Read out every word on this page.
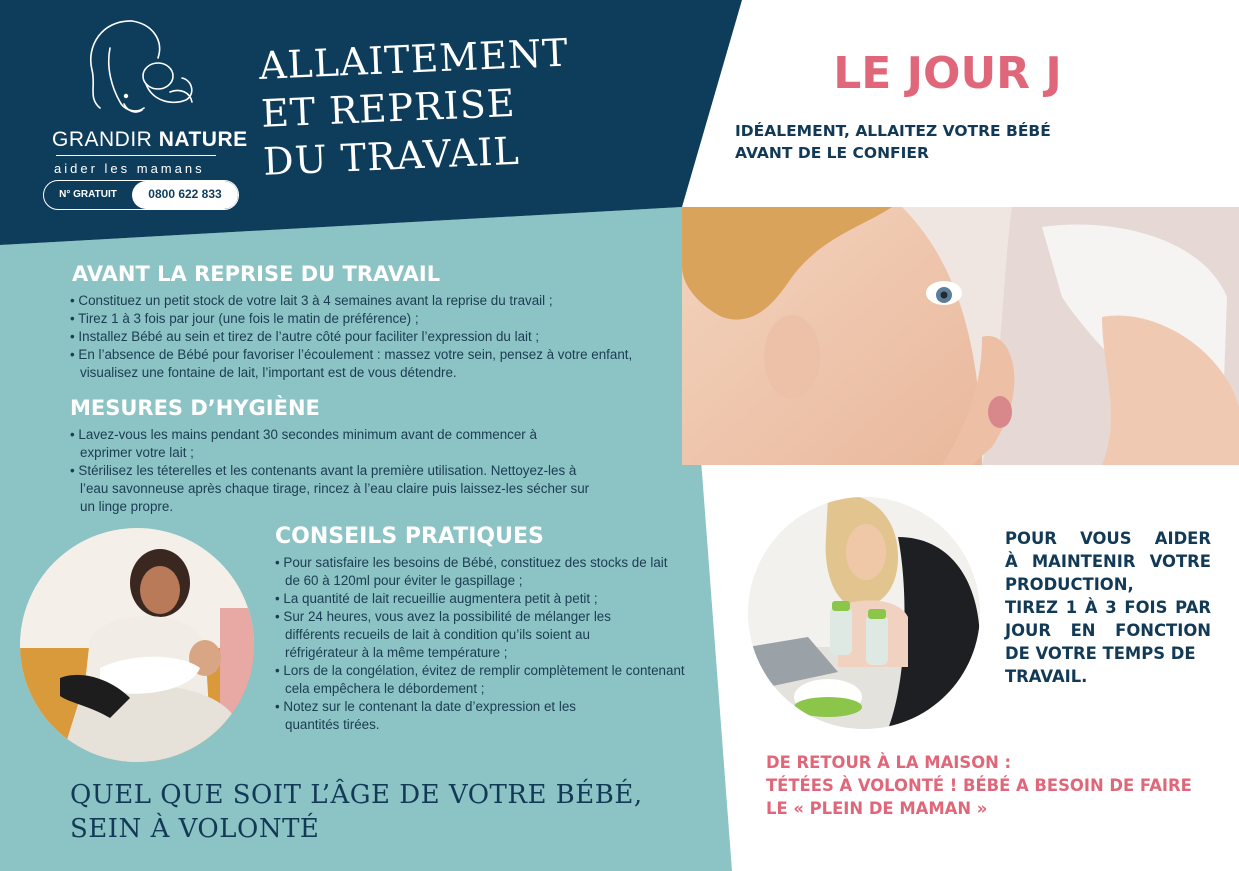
GRANDIR NATURE
aider les mamans
N° GRATUIT	0800 622 833
ALLAITEMENT
ET REPRISE
DU TRAVAIL
AVANT LA REPRISE DU TRAVAIL
• Constituez un petit stock de votre lait 3 à 4 semaines avant la reprise du travail ;
• Tirez 1 à 3 fois par jour (une fois le matin de préférence) ;
• Installez Bébé au sein et tirez de l’autre côté pour faciliter l’expression du lait ;
• En l’absence de Bébé pour favoriser l’écoulement : massez votre sein, pensez à votre enfant, visualisez une fontaine de lait, l’important est de vous détendre.
MESURES D’HYGIÈNE
• Lavez-vous les mains pendant 30 secondes minimum avant de commencer à exprimer votre lait ;
• Stérilisez les téterelles et les contenants avant la première utilisation. Nettoyez-les à l’eau savonneuse après chaque tirage, rincez à l’eau claire puis laissez-les sécher sur un linge propre.
CONSEILS PRATIQUES
• Pour satisfaire les besoins de Bébé, constituez des stocks de lait de 60 à 120ml pour éviter le gaspillage ;
• La quantité de lait recueillie augmentera petit à petit ;
• Sur 24 heures, vous avez la possibilité de mélanger les différents recueils de lait à condition qu’ils soient au réfrigérateur à la même température ;
• Lors de la congélation, évitez de remplir complètement le contenant cela empêchera le débordement ;
• Notez sur le contenant la date d’expression et les quantités tirées.
QUEL QUE SOIT L’ÂGE DE VOTRE BÉBÉ,
SEIN À VOLONTÉ
LE JOUR J
IDÉALEMENT, ALLAITEZ VOTRE BÉBÉ
AVANT DE LE CONFIER
POUR VOUS AIDER
À MAINTENIR VOTRE
PRODUCTION,
TIREZ 1 À 3 FOIS PAR
JOUR EN FONCTION
DE VOTRE TEMPS DE
TRAVAIL.
DE RETOUR À LA MAISON :
TÉTÉES À VOLONTÉ ! BÉBÉ A BESOIN DE FAIRE
LE « PLEIN DE MAMAN »
